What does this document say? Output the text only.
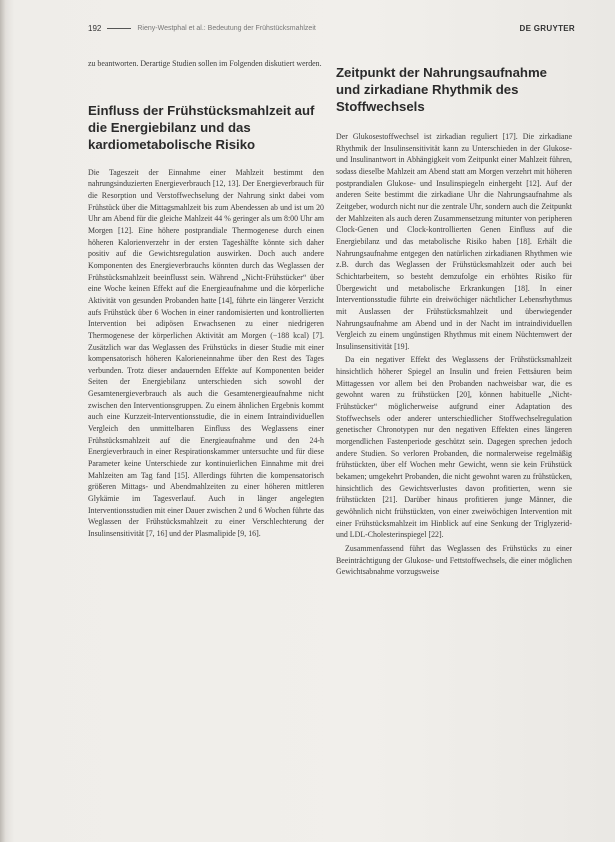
192	Rieny-Westphal et al.: Bedeutung der Frühstücksmahlzeit	DE GRUYTER

zu beantworten. Derartige Studien sollen im Folgenden diskutiert werden.

Einfluss der Frühstücksmahlzeit auf die Energiebilanz und das kardiometabolische Risiko

Die Tageszeit der Einnahme einer Mahlzeit bestimmt den nahrungsinduzierten Energieverbrauch [12, 13]. Der Energieverbrauch für die Resorption und Verstoffwechselung der Nahrung sinkt dabei vom Frühstück über die Mittagsmahlzeit bis zum Abendessen ab und ist um 20 Uhr am Abend für die gleiche Mahlzeit 44 % geringer als um 8:00 Uhr am Morgen [12]. Eine höhere postprandiale Thermogenese durch einen höheren Kalorienverzehr in der ersten Tageshälfte könnte sich daher positiv auf die Gewichtsregulation auswirken. Doch auch andere Komponenten des Energieverbrauchs könnten durch das Weglassen der Frühstücksmahlzeit beeinflusst sein. Während „Nicht-Frühstücker“ über eine Woche keinen Effekt auf die Energieaufnahme und die körperliche Aktivität von gesunden Probanden hatte [14], führte ein längerer Verzicht aufs Frühstück über 6 Wochen in einer randomisierten und kontrollierten Intervention bei adipösen Erwachsenen zu einer niedrigeren Thermogenese der körperlichen Aktivität am Morgen (−188 kcal) [7]. Zusätzlich war das Weglassen des Frühstücks in dieser Studie mit einer kompensatorisch höheren Kalorieneinnahme über den Rest des Tages verbunden. Trotz dieser andauernden Effekte auf Komponenten beider Seiten der Energiebilanz unterschieden sich sowohl der Gesamtenergieverbrauch als auch die Gesamtenergieaufnahme nicht zwischen den Interventionsgruppen. Zu einem ähnlichen Ergebnis kommt auch eine Kurzzeit-Interventionsstudie, die in einem Intraindividuellen Vergleich den unmittelbaren Einfluss des Weglassens einer Frühstücksmahlzeit auf die Energieaufnahme und den 24-h Energieverbrauch in einer Respirationskammer untersuchte und für diese Parameter keine Unterschiede zur kontinuierlichen Einnahme mit drei Mahlzeiten am Tag fand [15]. Allerdings führten die kompensatorisch größeren Mittags- und Abendmahlzeiten zu einer höheren mittleren Glykämie im Tagesverlauf. Auch in länger angelegten Interventionsstudien mit einer Dauer zwischen 2 und 6 Wochen führte das Weglassen der Frühstücksmahlzeit zu einer Verschlechterung der Insulinsensitivität [7, 16] und der Plasmalipide [9, 16].

Zeitpunkt der Nahrungsaufnahme und zirkadiane Rhythmik des Stoffwechsels

Der Glukosestoffwechsel ist zirkadian reguliert [17]. Die zirkadiane Rhythmik der Insulinsensitivität kann zu Unterschieden in der Glukose- und Insulinantwort in Abhängigkeit vom Zeitpunkt einer Mahlzeit führen, sodass dieselbe Mahlzeit am Abend statt am Morgen verzehrt mit höheren postprandialen Glukose- und Insulinspiegeln einhergeht [12]. Auf der anderen Seite bestimmt die zirkadiane Uhr die Nahrungsaufnahme als Zeitgeber, wodurch nicht nur die zentrale Uhr, sondern auch die Zeitpunkt der Mahlzeiten als auch deren Zusammensetzung mitunter von peripheren Clock-Genen und Clock-kontrollierten Genen Einfluss auf die Energiebilanz und das metabolische Risiko haben [18]. Erhält die Nahrungsaufnahme entgegen den natürlichen zirkadianen Rhythmen wie z.B. durch das Weglassen der Frühstücksmahlzeit oder auch bei Schichtarbeitern, so besteht demzufolge ein erhöhtes Risiko für Übergewicht und metabolische Erkrankungen [18]. In einer Interventionsstudie führte ein dreiwöchiger nächtlicher Lebensrhythmus mit Auslassen der Frühstücksmahlzeit und überwiegender Nahrungsaufnahme am Abend und in der Nacht im intraindividuellen Vergleich zu einem ungünstigen Rhythmus mit einem Nüchternwert der Insulinsensitivität [19].

Da ein negativer Effekt des Weglassens der Frühstücksmahlzeit hinsichtlich höherer Spiegel an Insulin und freien Fettsäuren beim Mittagessen vor allem bei den Probanden nachweisbar war, die es gewohnt waren zu frühstücken [20], können habituelle „Nicht-Frühstücker“ möglicherweise aufgrund einer Adaptation des Stoffwechsels oder anderer unterschiedlicher Stoffwechselregulation genetischer Chronotypen nur den negativen Effekten eines längeren morgendlichen Fastenperiode geschützt sein. Dagegen sprechen jedoch andere Studien. So verloren Probanden, die normalerweise regelmäßig frühstückten, über elf Wochen mehr Gewicht, wenn sie kein Frühstück bekamen; umgekehrt Probanden, die nicht gewohnt waren zu frühstücken, hinsichtlich des Gewichtsverlustes davon profitierten, wenn sie frühstückten [21]. Darüber hinaus profitieren junge Männer, die gewöhnlich nicht frühstückten, von einer zweiwöchigen Intervention mit einer Frühstücksmahlzeit im Hinblick auf eine Senkung der Triglyzerid- und LDL-Cholesterinspiegel [22].

Zusammenfassend führt das Weglassen des Frühstücks zu einer Beeinträchtigung der Glukose- und Fettstoffwechsels, die einer möglichen Gewichtsabnahme vorzugsweise
